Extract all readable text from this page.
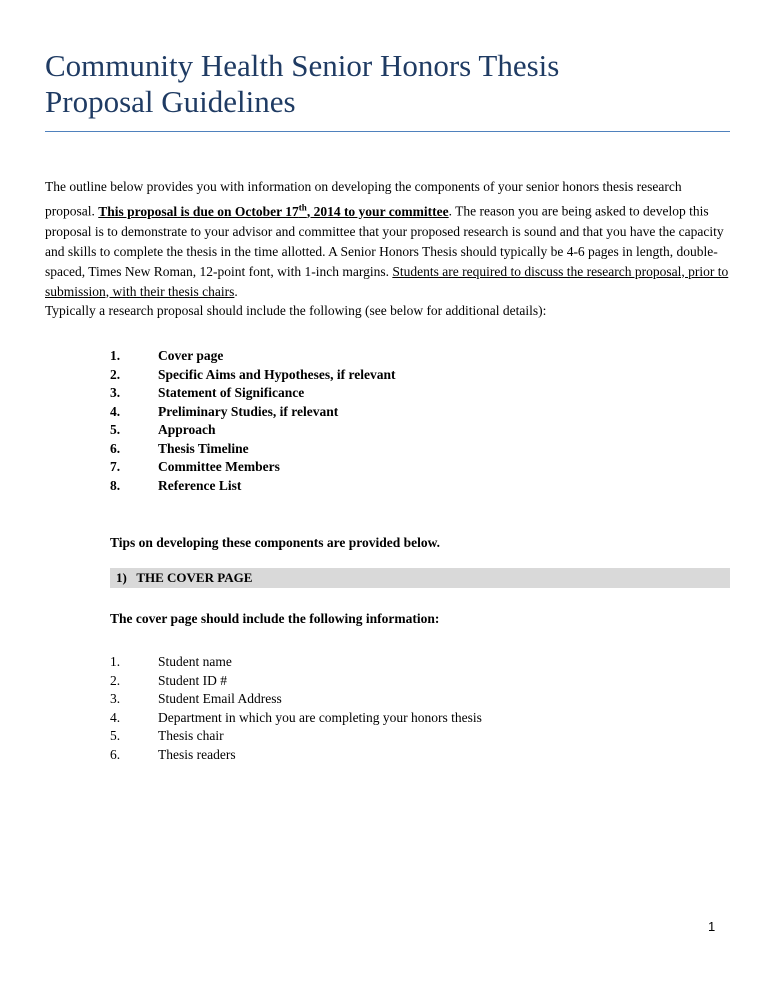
Community Health Senior Honors Thesis
Proposal Guidelines

The outline below provides you with information on developing the components of your senior honors thesis research proposal. This proposal is due on October 17th, 2014 to your committee. The reason you are being asked to develop this proposal is to demonstrate to your advisor and committee that your proposed research is sound and that you have the capacity and skills to complete the thesis in the time allotted. A Senior Honors Thesis should typically be 4-6 pages in length, double-spaced, Times New Roman, 12-point font, with 1-inch margins. Students are required to discuss the research proposal, prior to submission, with their thesis chairs.

Typically a research proposal should include the following (see below for additional details):

1.	Cover page
2.	Specific Aims and Hypotheses, if relevant
3.	Statement of Significance
4.	Preliminary Studies, if relevant
5.	Approach
6.	Thesis Timeline
7.	Committee Members
8.	Reference List

Tips on developing these components are provided below.

1)   THE COVER PAGE

The cover page should include the following information:

1.	Student name
2.	Student ID #
3.	Student Email Address
4.	Department in which you are completing your honors thesis
5.	Thesis chair
6.	Thesis readers
1
